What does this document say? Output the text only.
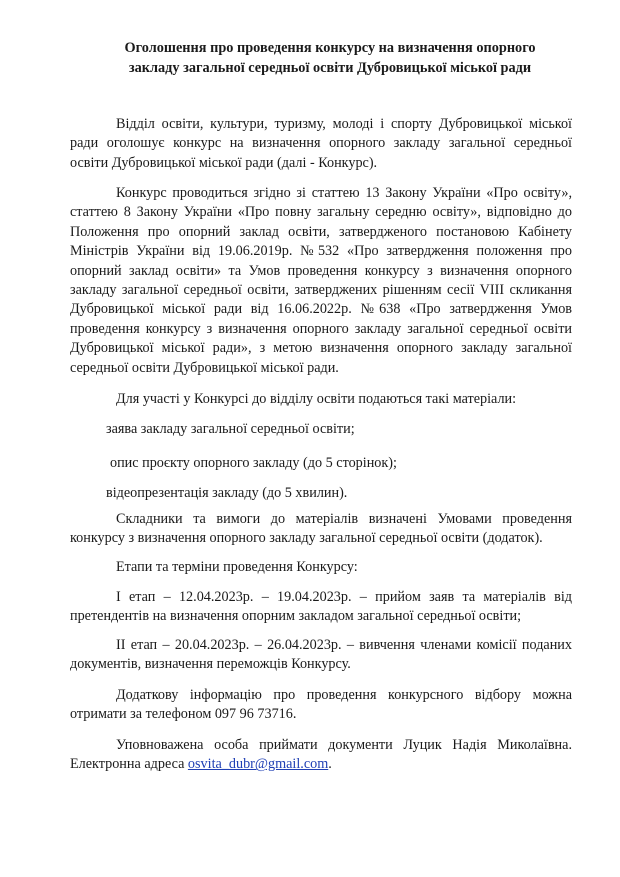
Оголошення про проведення конкурсу на визначення опорного
закладу загальної середньої освіти Дубровицької міської ради

Відділ освіти, культури, туризму, молоді і спорту Дубровицької міської ради оголошує конкурс на визначення опорного закладу загальної середньої освіти Дубровицької міської ради (далі - Конкурс).

Конкурс проводиться згідно зі статтею 13 Закону України «Про освіту», статтею 8 Закону України «Про повну загальну середню освіту», відповідно до Положення про опорний заклад освіти, затвердженого постановою Кабінету Міністрів України від 19.06.2019р. №532 «Про затвердження положення про опорний заклад освіти» та Умов проведення конкурсу з визначення опорного закладу загальної середньої освіти, затверджених рішенням сесії VIII скликання Дубровицької міської ради від 16.06.2022р. №638 «Про затвердження Умов проведення конкурсу з визначення опорного закладу загальної середньої освіти Дубровицької міської ради», з метою визначення опорного закладу загальної середньої освіти Дубровицької міської ради.

Для участі у Конкурсі до відділу освіти подаються такі матеріали:

заява закладу загальної середньої освіти;

опис проєкту опорного закладу (до 5 сторінок);

відеопрезентація закладу (до 5 хвилин).

Складники та вимоги до матеріалів визначені Умовами проведення конкурсу з визначення опорного закладу загальної середньої освіти (додаток).

Етапи та терміни проведення Конкурсу:

І етап – 12.04.2023р. – 19.04.2023р. – прийом заяв та матеріалів від претендентів на визначення опорним закладом загальної середньої освіти;

ІІ етап – 20.04.2023р. – 26.04.2023р. – вивчення членами комісії поданих документів, визначення переможців Конкурсу.

Додаткову інформацію про проведення конкурсного відбору можна отримати за телефоном 097 96 73716.

Уповноважена особа приймати документи Луцик Надія Миколаївна. Електронна адреса osvita_dubr@gmail.com.
